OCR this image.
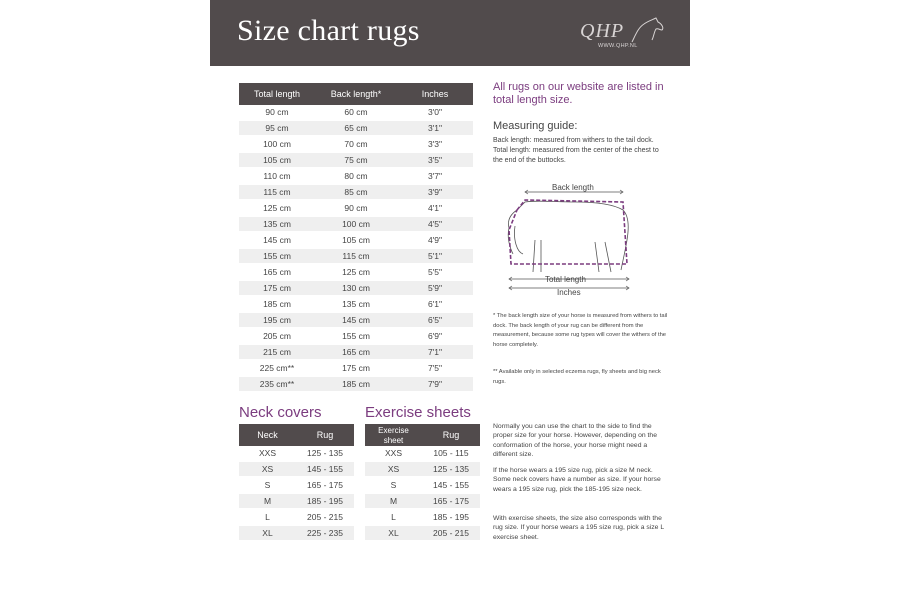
Size chart rugs	QHP
WWW.QHP.NL
Total length	Back length*	Inches
90 cm	60 cm	3'0"
95 cm	65 cm	3'1"
100 cm	70 cm	3'3"
105 cm	75 cm	3'5"
110 cm	80 cm	3'7"
115 cm	85 cm	3'9"
125 cm	90 cm	4'1"
135 cm	100 cm	4'5"
145 cm	105 cm	4'9"
155 cm	115 cm	5'1"
165 cm	125 cm	5'5"
175 cm	130 cm	5'9"
185 cm	135 cm	6'1"
195 cm	145 cm	6'5"
205 cm	155 cm	6'9"
215 cm	165 cm	7'1"
225 cm**	175 cm	7'5"
235 cm**	185 cm	7'9"
Neck covers	Exercise sheets
Neck	Rug
XXS	125 - 135
XS	145 - 155
S	165 - 175
M	185 - 195
L	205 - 215
XL	225 - 235
Exercise
sheet	Rug
XXS	105 - 115
XS	125 - 135
S	145 - 155
M	165 - 175
L	185 - 195
XL	205 - 215
All rugs on our website are listed in total length size.
Measuring guide:
Back length: measured from withers to the tail dock.
Total length: measured from the center of the chest to the end of the buttocks.
Back length
Total length
Inches
* The back length size of your horse is measured from withers to tail dock. The back length of your rug can be different from the measurement, because some rug types will cover the withers of the horse completely.
** Available only in selected eczema rugs, fly sheets and big neck rugs.
Normally you can use the chart to the side to find the proper size for your horse. However, depending on the conformation of the horse, your horse might need a different size.
If the horse wears a 195 size rug, pick a size M neck. Some neck covers have a number as size. If your horse wears a 195 size rug, pick the 185-195 size neck.
With exercise sheets, the size also corresponds with the rug size. If your horse wears a 195 size rug, pick a size L exercise sheet.
